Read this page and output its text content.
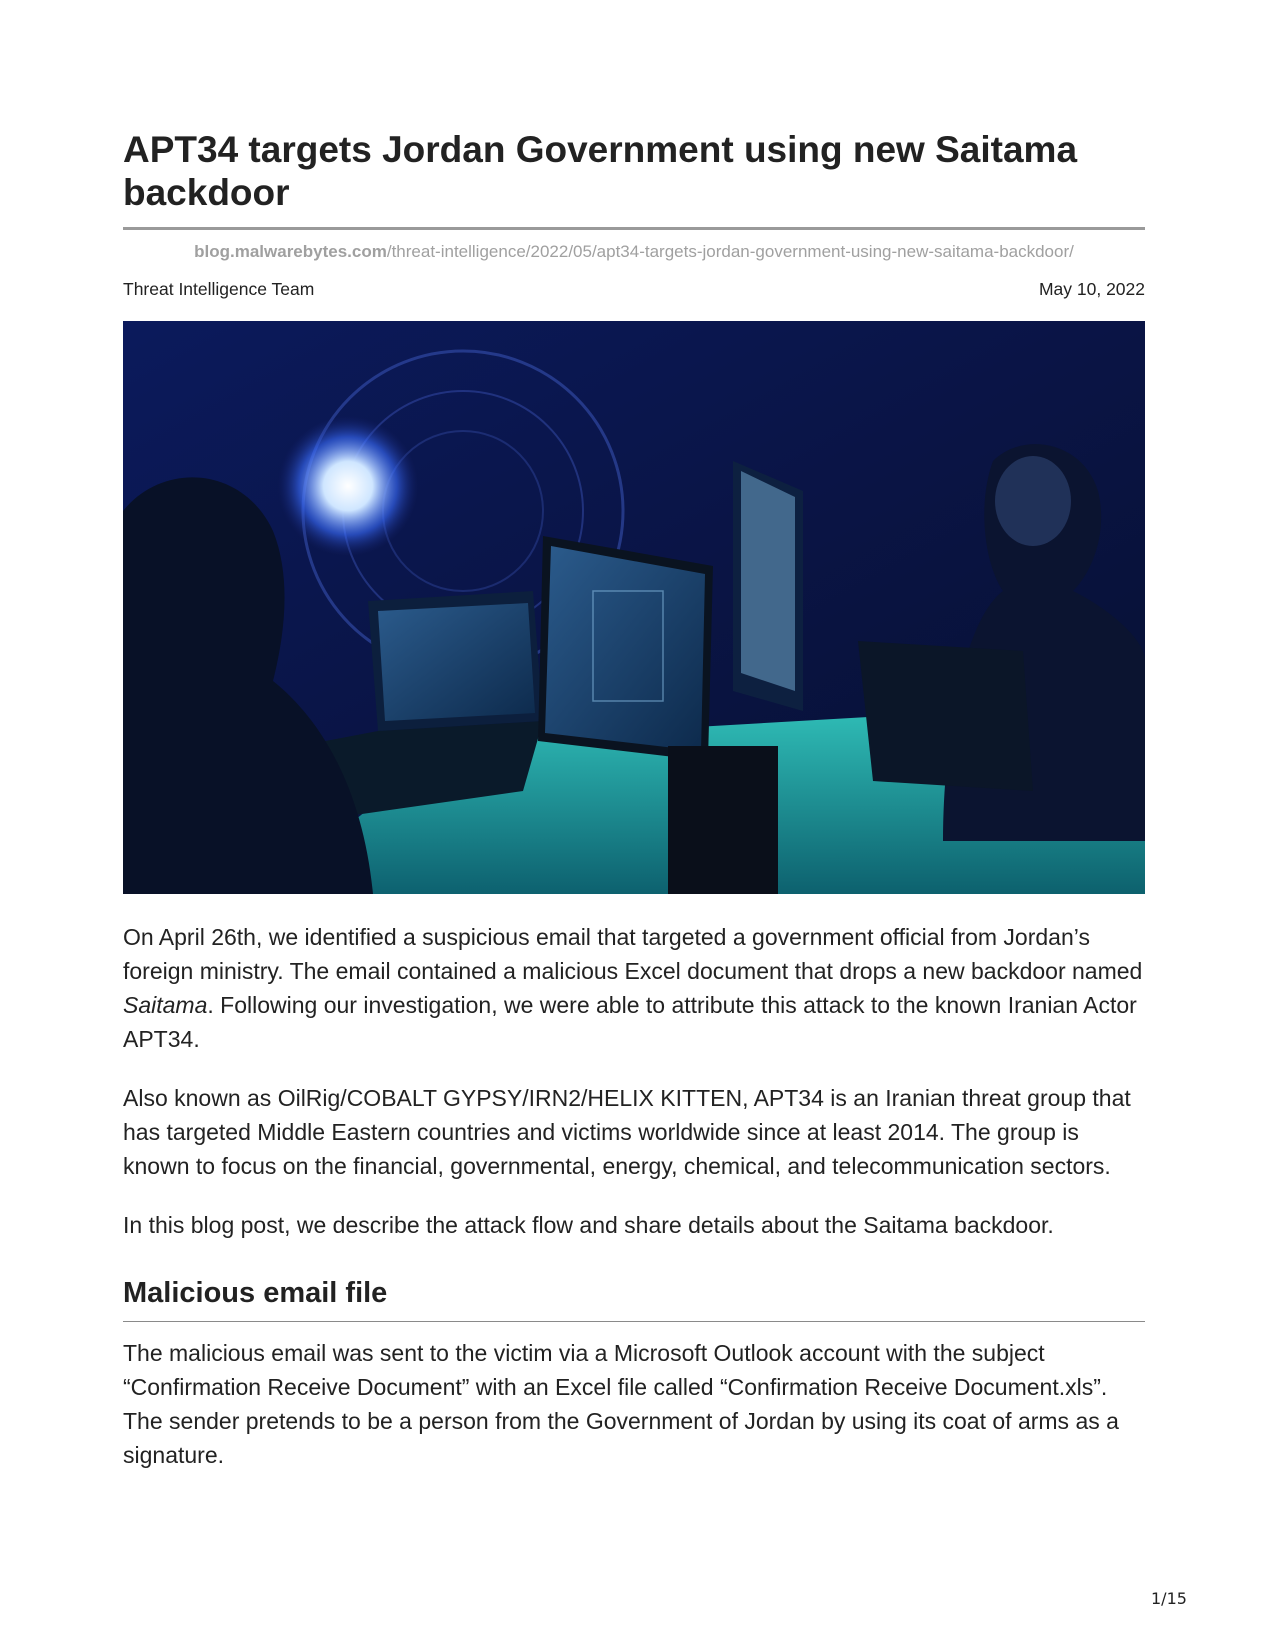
APT34 targets Jordan Government using new Saitama backdoor
blog.malwarebytes.com/threat-intelligence/2022/05/apt34-targets-jordan-government-using-new-saitama-backdoor/
Threat Intelligence Team	May 10, 2022

On April 26th, we identified a suspicious email that targeted a government official from Jordan’s foreign ministry. The email contained a malicious Excel document that drops a new backdoor named Saitama. Following our investigation, we were able to attribute this attack to the known Iranian Actor APT34.

Also known as OilRig/COBALT GYPSY/IRN2/HELIX KITTEN, APT34 is an Iranian threat group that has targeted Middle Eastern countries and victims worldwide since at least 2014. The group is known to focus on the financial, governmental, energy, chemical, and telecommunication sectors.

In this blog post, we describe the attack flow and share details about the Saitama backdoor.

Malicious email file

The malicious email was sent to the victim via a Microsoft Outlook account with the subject “Confirmation Receive Document” with an Excel file called “Confirmation Receive Document.xls”. The sender pretends to be a person from the Government of Jordan by using its coat of arms as a signature.

1/15
